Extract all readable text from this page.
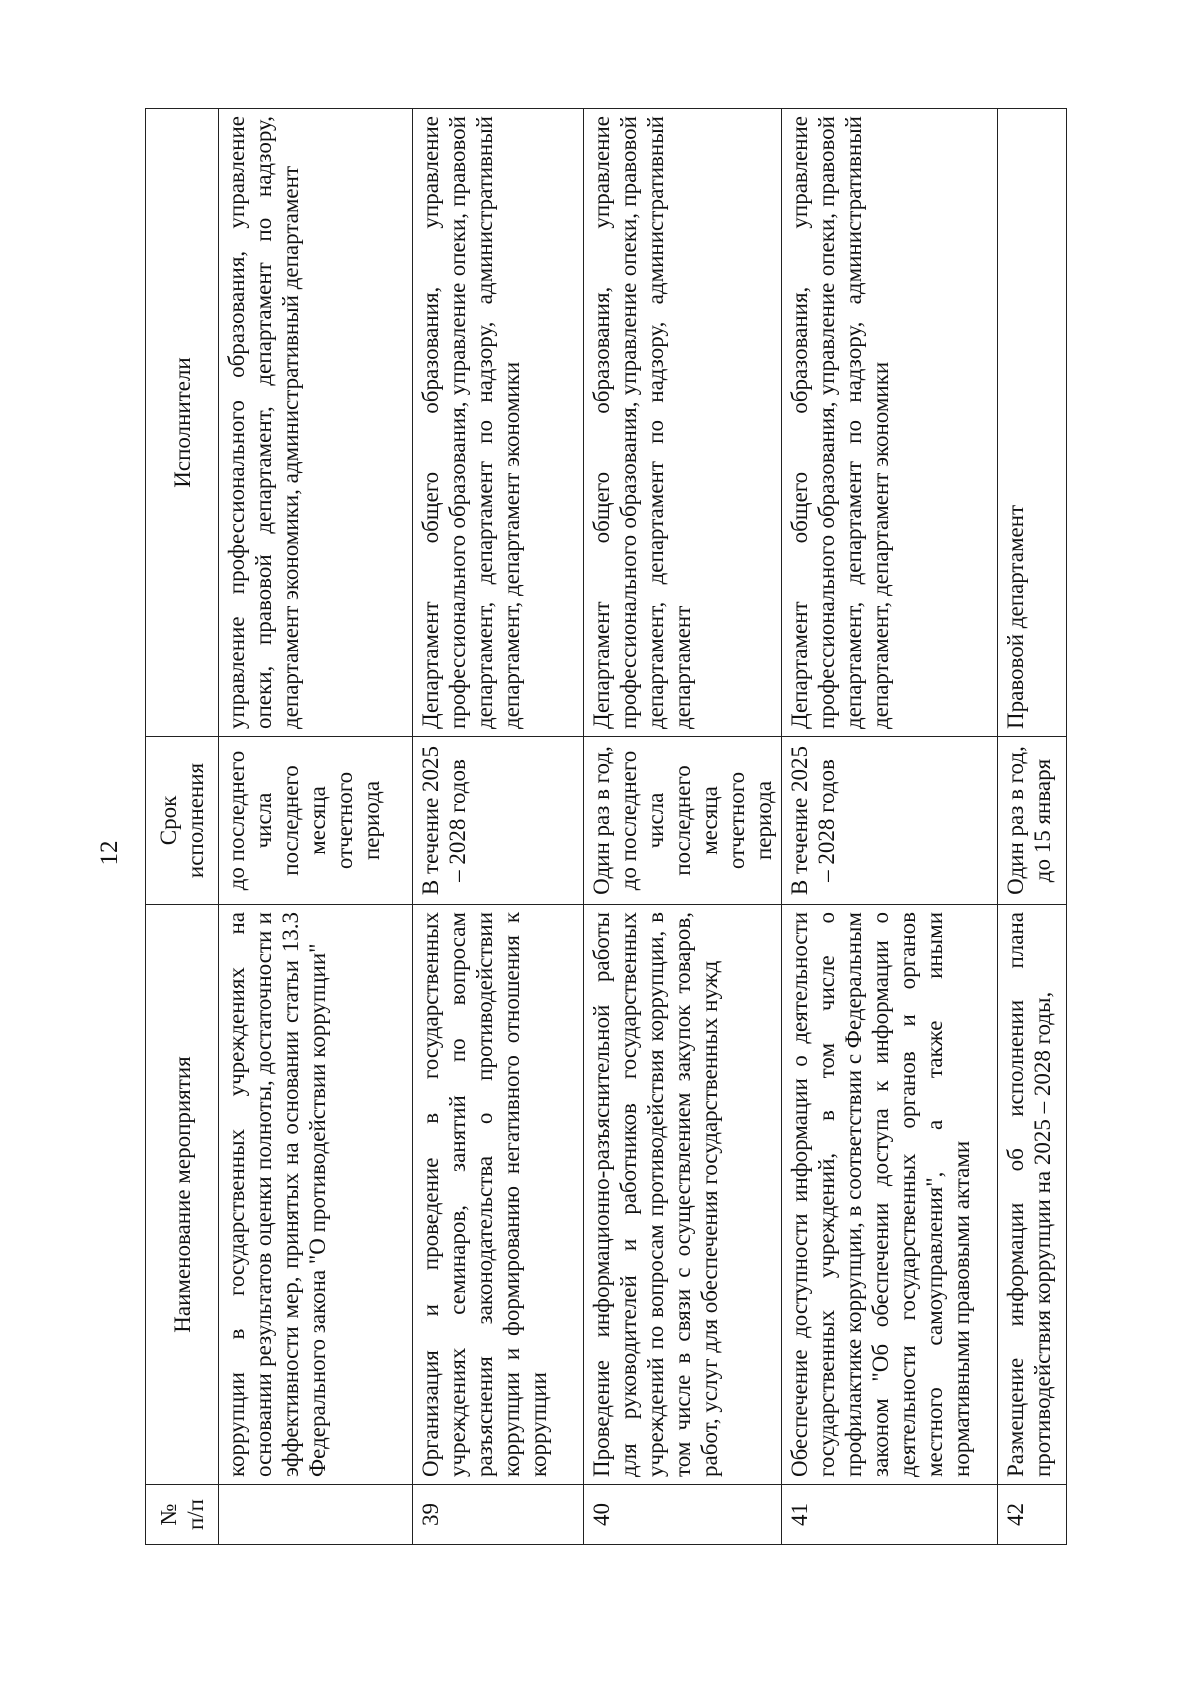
12
№ п/п	Наименование мероприятия	Срок исполнения	Исполнители
	коррупции в государственных учреждениях на основании результатов оценки полноты, достаточности и эффективности мер, принятых на основании статьи 13.3 Федерального закона "О противодействии коррупции"	до последнего числа последнего месяца отчетного периода	управление профессионального образования, управление опеки, правовой департамент, департамент по надзору, департамент экономики, административный департамент
39	Организация и проведение в государственных учреждениях семинаров, занятий по вопросам разъяснения законодательства о противодействии коррупции и формированию негативного отношения к коррупции	В течение 2025 – 2028 годов	Департамент общего образования, управление профессионального образования, управление опеки, правовой департамент, департамент по надзору, административный департамент, департамент экономики
40	Проведение информационно-разъяснительной работы для руководителей и работников государственных учреждений по вопросам противодействия коррупции, в том числе в связи с осуществлением закупок товаров, работ, услуг для обеспечения государственных нужд	Один раз в год, до последнего числа последнего месяца отчетного периода	Департамент общего образования, управление профессионального образования, управление опеки, правовой департамент, департамент по надзору, административный департамент
41	Обеспечение доступности информации о деятельности государственных учреждений, в том числе о профилактике коррупции, в соответствии с Федеральным законом "Об обеспечении доступа к информации о деятельности государственных органов и органов местного самоуправления", а также иными нормативными правовыми актами	В течение 2025 – 2028 годов	Департамент общего образования, управление профессионального образования, управление опеки, правовой департамент, департамент по надзору, административный департамент, департамент экономики
42	Размещение информации об исполнении плана противодействия коррупции на 2025 – 2028 годы,	Один раз в год, до 15 января	Правовой департамент
